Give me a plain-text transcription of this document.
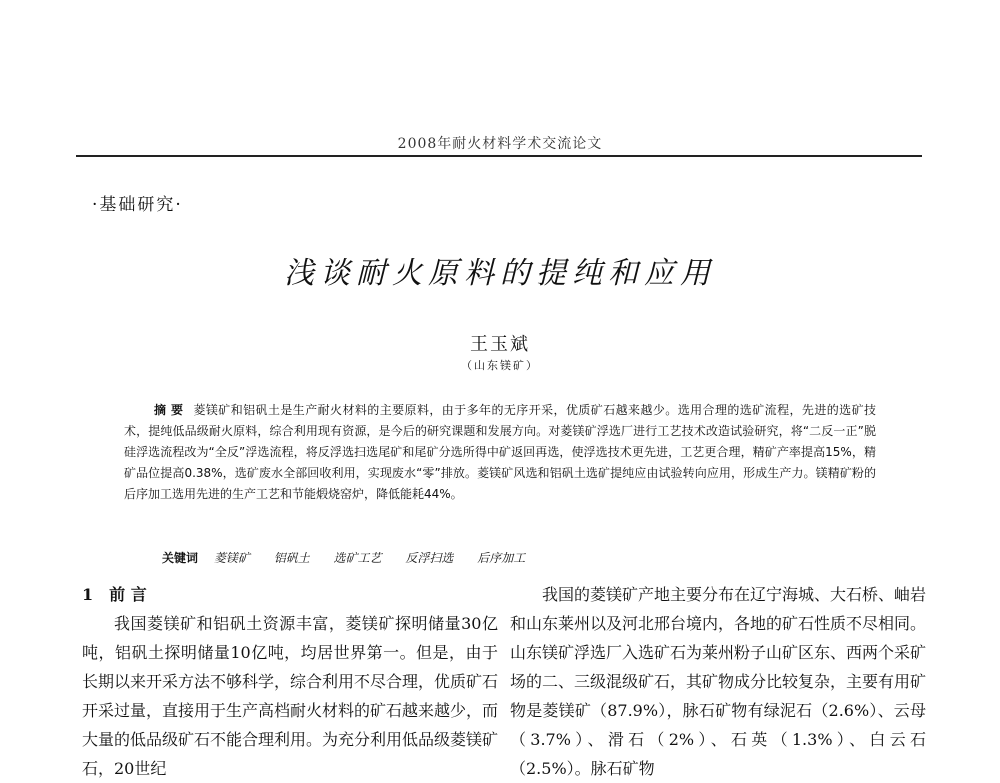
2008年耐火材料学术交流论文
·基础研究·
浅谈耐火原料的提纯和应用
王玉斌
（山东镁矿）
摘 要 菱镁矿和铝矾土是生产耐火材料的主要原料，由于多年的无序开采，优质矿石越来越少。选用合理的选矿流程，先进的选矿技术，提纯低品级耐火原料，综合利用现有资源，是今后的研究课题和发展方向。对菱镁矿浮选厂进行工艺技术改造试验研究，将“二反一正”脱硅浮选流程改为“全反”浮选流程，将反浮选扫选尾矿和尾矿分选所得中矿返回再选，使浮选技术更先进，工艺更合理，精矿产率提高15%，精矿品位提高0.38%，选矿废水全部回收利用，实现废水“零”排放。菱镁矿风选和铝矾土选矿提纯应由试验转向应用，形成生产力。镁精矿粉的后序加工选用先进的生产工艺和节能煅烧窑炉，降低能耗44%。
关键词 菱镁矿 铝矾土 选矿工艺 反浮扫选 后序加工

1 前 言

我国菱镁矿和铝矾土资源丰富，菱镁矿探明储量30亿吨，铝矾土探明储量10亿吨，均居世界第一。但是，由于长期以来开采方法不够科学，综合利用不尽合理，优质矿石开采过量，直接用于生产高档耐火材料的矿石越来越少，而大量的低品级矿石不能合理利用。为充分利用低品级菱镁矿石，20世纪

我国的菱镁矿产地主要分布在辽宁海城、大石桥、岫岩和山东莱州以及河北邢台境内，各地的矿石性质不尽相同。山东镁矿浮选厂入选矿石为莱州粉子山矿区东、西两个采矿场的二、三级混级矿石，其矿物成分比较复杂，主要有用矿物是菱镁矿（87.9%），脉石矿物有绿泥石（2.6%）、云母（3.7%）、滑石（2%）、石英（1.3%）、白云石（2.5%）。脉石矿物
